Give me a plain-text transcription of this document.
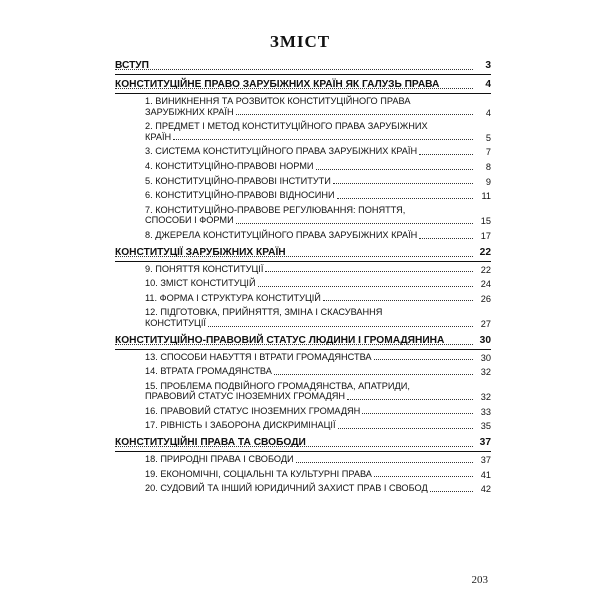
ЗМІСТ
ВСТУП	3
КОНСТИТУЦІЙНЕ ПРАВО ЗАРУБІЖНИХ КРАЇН ЯК ГАЛУЗЬ ПРАВА	4
1. ВИНИКНЕННЯ ТА РОЗВИТОК КОНСТИТУЦІЙНОГО ПРАВА ЗАРУБІЖНИХ КРАЇН	4
2. ПРЕДМЕТ І МЕТОД КОНСТИТУЦІЙНОГО ПРАВА ЗАРУБІЖНИХ КРАЇН	5
3. СИСТЕМА КОНСТИТУЦІЙНОГО ПРАВА ЗАРУБІЖНИХ КРАЇН	7
4. КОНСТИТУЦІЙНО-ПРАВОВІ НОРМИ	8
5. КОНСТИТУЦІЙНО-ПРАВОВІ ІНСТИТУТИ	9
6. КОНСТИТУЦІЙНО-ПРАВОВІ ВІДНОСИНИ	11
7. КОНСТИТУЦІЙНО-ПРАВОВЕ РЕГУЛЮВАННЯ: ПОНЯТТЯ, СПОСОБИ І ФОРМИ	15
8. ДЖЕРЕЛА КОНСТИТУЦІЙНОГО ПРАВА ЗАРУБІЖНИХ КРАЇН	17
КОНСТИТУЦІЇ ЗАРУБІЖНИХ КРАЇН	22
9. ПОНЯТТЯ КОНСТИТУЦІЇ	22
10. ЗМІСТ КОНСТИТУЦІЙ	24
11. ФОРМА І СТРУКТУРА КОНСТИТУЦІЙ	26
12. ПІДГОТОВКА, ПРИЙНЯТТЯ, ЗМІНА І СКАСУВАННЯ КОНСТИТУЦІЇ	27
КОНСТИТУЦІЙНО-ПРАВОВИЙ СТАТУС ЛЮДИНИ І ГРОМАДЯНИНА	30
13. СПОСОБИ НАБУТТЯ І ВТРАТИ ГРОМАДЯНСТВА	30
14. ВТРАТА ГРОМАДЯНСТВА	32
15. ПРОБЛЕМА ПОДВІЙНОГО ГРОМАДЯНСТВА, АПАТРИДИ, ПРАВОВИЙ СТАТУС ІНОЗЕМНИХ ГРОМАДЯН	32
16. ПРАВОВИЙ СТАТУС ІНОЗЕМНИХ ГРОМАДЯН	33
17. РІВНІСТЬ І ЗАБОРОНА ДИСКРИМІНАЦІЇ	35
КОНСТИТУЦІЙНІ ПРАВА ТА СВОБОДИ	37
18. ПРИРОДНІ ПРАВА І СВОБОДИ	37
19. ЕКОНОМІЧНІ, СОЦІАЛЬНІ ТА КУЛЬТУРНІ ПРАВА	41
20. СУДОВИЙ ТА ІНШИЙ ЮРИДИЧНИЙ ЗАХИСТ ПРАВ І СВОБОД	42
203
